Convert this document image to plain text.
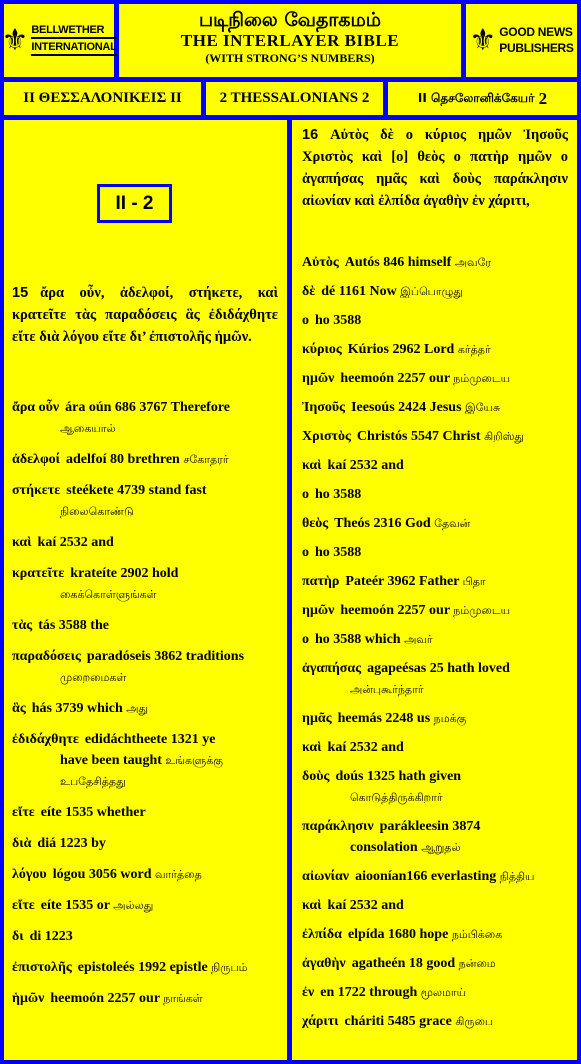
⚜ BELLWETHER
INTERNATIONAL
படிநிலை வேதாகமம்
THE INTERLAYER BIBLE
(WITH STRONG’S NUMBERS)
⚜ GOOD NEWS
PUBLISHERS
II ΘΕΣΣΑΛΟΝΙΚΕΙΣ II	2 THESSALONIANS 2	II தெசலோனிக்கேயர்
2
II - 2
15 ἄρα οὖν, ἀδελφοί, στήκετε, καὶ κρατεῖτε τὰς παραδόσεις ἃς ἐδιδάχθητε εἴτε διὰ λόγου εἴτε δι’ ἐπιστολῆς ἡμῶν.
ἄρα οὖν ára oún 686 3767 Therefore
ஆகையால்
ἀδελφοί adelfoí 80 brethren சகோதரர்
στήκετε steékete 4739 stand fast
நிலைகொண்டு
καὶ kaí 2532 and
κρατεῖτε krateíte 2902 hold
கைக்கொள்ளுங்கள்
τὰς tás 3588 the
παραδόσεις paradóseis 3862 traditions
முறைமைகள்
ἃς hás 3739 which அது
ἐδιδάχθητε edidáchtheete 1321 ye
have been taught உங்களுக்கு உபதேசித்தது
εἴτε eíte 1535 whether
διὰ diá 1223 by
λόγου lógou 3056 word வார்த்தை
εἴτε eíte 1535 or அல்லது
δι di 1223
ἐπιστολῆς epistoleés 1992 epistle நிருபம்
ἡμῶν heemoón 2257 our நாங்கள்
16 Αὐτὸς δὲ ο κύριος ημῶν Ἰησοῦς Χριστὸς καὶ [ο] θεὸς ο πατὴρ ημῶν ο ἀγαπήσας ημᾶς καὶ δοὺς παράκλησιν αἰωνίαν καὶ ἐλπίδα ἀγαθὴν ἐν χάριτι,
Αὐτὸς Autós 846 himself அவரே
δὲ dé 1161 Now இப்பொழுது
ο ho 3588
κύριος Kúrios 2962 Lord கர்த்தர்
ημῶν heemoón 2257 our நம்முடைய
Ἰησοῦς Ieesoús 2424 Jesus இயேசு
Χριστὸς Christós 5547 Christ கிறிஸ்து
καὶ kaí 2532 and
ο ho 3588
θεὸς Theós 2316 God தேவன்
ο ho 3588
πατὴρ Pateér 3962 Father பிதா
ημῶν heemoón 2257 our நம்முடைய
ο ho 3588 which அவர்
ἀγαπήσας agapeésas 25 hath loved
அன்புகூர்ந்தார்
ημᾶς heemás 2248 us நமக்கு
καὶ kaí 2532 and
δοὺς doús 1325 hath given
கொடுத்திருக்கிறார்
παράκλησιν parákleesin 3874
consolation ஆறுதல்
αἰωνίαν aioonían166 everlasting நித்திய
καὶ kaí 2532 and
ἐλπίδα elpída 1680 hope நம்பிக்கை
ἀγαθὴν agatheén 18 good நன்மை
ἐν en 1722 through மூலமாய்
χάριτι cháriti 5485 grace கிருபை
